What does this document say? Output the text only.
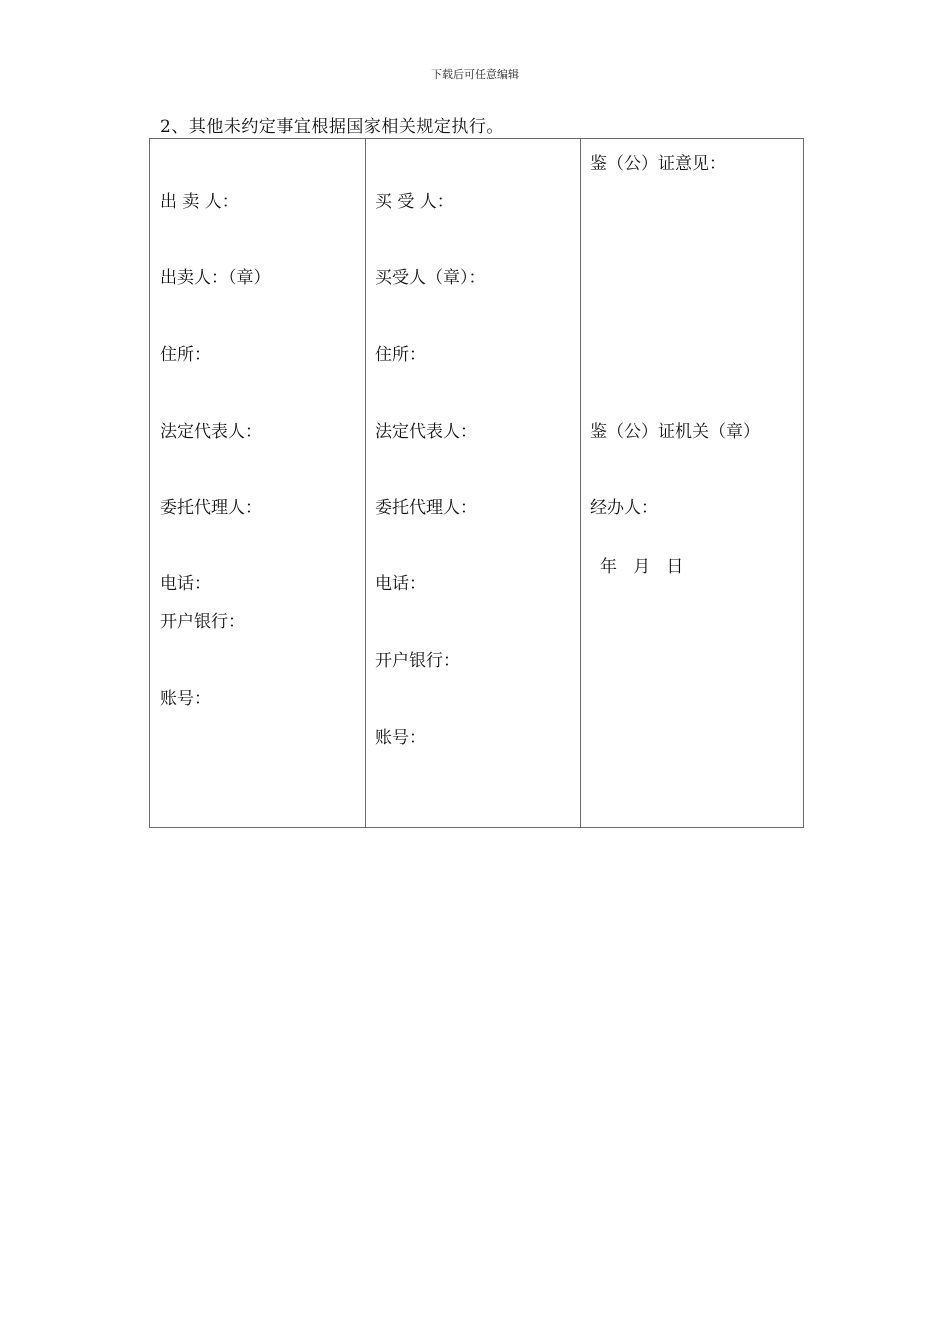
下载后可任意编辑
2、其他未约定事宜根据国家相关规定执行。
出 卖 人：
出卖人：（章）
住所：
法定代表人：
委托代理人：
电话：
开户银行：
账号：
买 受 人：
买受人（章）：
住所：
法定代表人：
委托代理人：
电话：
开户银行：
账号：
鉴（公）证意见：
鉴（公）证机关（章）
经办人：
年   月   日
